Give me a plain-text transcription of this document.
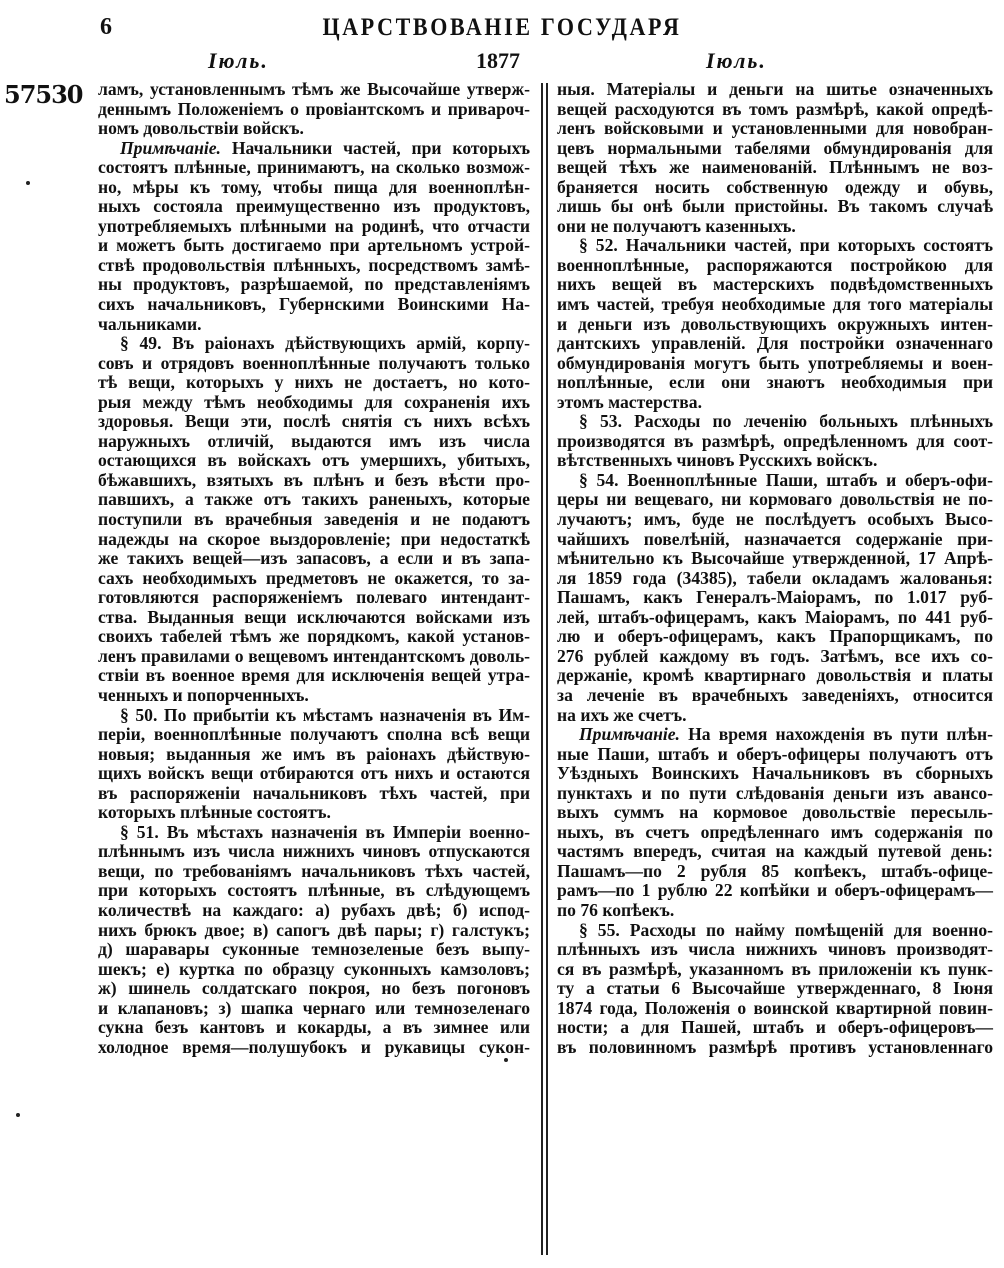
6	ЦАРСТВОВАНІЕ ГОСУДАРЯ
Іюль.	1877	Іюль.
57530 ламъ, установленнымъ тѣмъ же Высочайше утверж-
деннымъ Положеніемъ о провіантскомъ и привароч-
номъ довольствіи войскъ.
Примѣчаніе. Начальники частей, при которыхъ
состоятъ плѣнные, принимаютъ, на сколько возмож-
но, мѣры къ тому, чтобы пища для военноплѣн-
ныхъ состояла преимущественно изъ продуктовъ,
употребляемыхъ плѣнными на родинѣ, что отчасти
и можетъ быть достигаемо при артельномъ устрой-
ствѣ продовольствія плѣнныхъ, посредствомъ замѣ-
ны продуктовъ, разрѣшаемой, по представленіямъ
сихъ начальниковъ, Губернскими Воинскими На-
чальниками.
§ 49. Въ раіонахъ дѣйствующихъ армій, корпу-
совъ и отрядовъ военноплѣнные получаютъ только
тѣ вещи, которыхъ у нихъ не достаетъ, но кото-
рыя между тѣмъ необходимы для сохраненія ихъ
здоровья. Вещи эти, послѣ снятія съ нихъ всѣхъ
наружныхъ отличій, выдаются имъ изъ числа
остающихся въ войскахъ отъ умершихъ, убитыхъ,
бѣжавшихъ, взятыхъ въ плѣнъ и безъ вѣсти про-
павшихъ, а также отъ такихъ раненыхъ, которые
поступили въ врачебныя заведенія и не подаютъ
надежды на скорое выздоровленіе; при недостаткѣ
же такихъ вещей—изъ запасовъ, а если и въ запа-
сахъ необходимыхъ предметовъ не окажется, то за-
готовляются распоряженіемъ полеваго интендант-
ства. Выданныя вещи исключаются войсками изъ
своихъ табелей тѣмъ же порядкомъ, какой установ-
ленъ правилами о вещевомъ интендантскомъ доволь-
ствіи въ военное время для исключенія вещей утра-
ченныхъ и попорченныхъ.
§ 50. По прибытіи къ мѣстамъ назначенія въ Им-
періи, военноплѣнные получаютъ сполна всѣ вещи
новыя; выданныя же имъ въ раіонахъ дѣйствую-
щихъ войскъ вещи отбираются отъ нихъ и остаются
въ распоряженіи начальниковъ тѣхъ частей, при
которыхъ плѣнные состоятъ.
§ 51. Въ мѣстахъ назначенія въ Имперіи военно-
плѣннымъ изъ числа нижнихъ чиновъ отпускаются
вещи, по требованіямъ начальниковъ тѣхъ частей,
при которыхъ состоятъ плѣнные, въ слѣдующемъ
количествѣ на каждаго: а) рубахъ двѣ; б) испод-
нихъ брюкъ двое; в) сапогъ двѣ пары; г) галстукъ;
д) шаравары суконные темнозеленые безъ выпу-
шекъ; е) куртка по образцу суконныхъ камзоловъ;
ж) шинель солдатскаго покроя, но безъ погоновъ
и клапановъ; з) шапка чернаго или темнозеленаго
сукна безъ кантовъ и кокарды, а въ зимнее или
холодное время—полушубокъ и рукавицы сукон-
ныя. Матеріалы и деньги на шитье означенныхъ
вещей расходуются въ томъ размѣрѣ, какой опредѣ-
ленъ войсковыми и установленными для новобран-
цевъ нормальными табелями обмундированія для
вещей тѣхъ же наименованій. Плѣннымъ не воз-
браняется носить собственную одежду и обувь,
лишь бы онѣ были пристойны. Въ такомъ случаѣ
они не получаютъ казенныхъ.
§ 52. Начальники частей, при которыхъ состоятъ
военноплѣнные, распоряжаются постройкою для
нихъ вещей въ мастерскихъ подвѣдомственныхъ
имъ частей, требуя необходимые для того матеріалы
и деньги изъ довольствующихъ окружныхъ интен-
дантскихъ управленій. Для постройки означеннаго
обмундированія могутъ быть употребляемы и воен-
ноплѣнные, если они знаютъ необходимыя при
этомъ мастерства.
§ 53. Расходы по леченію больныхъ плѣнныхъ
производятся въ размѣрѣ, опредѣленномъ для соот-
вѣтственныхъ чиновъ Русскихъ войскъ.
§ 54. Военноплѣнные Паши, штабъ и оберъ-офи-
церы ни вещеваго, ни кормоваго довольствія не по-
лучаютъ; имъ, буде не послѣдуетъ особыхъ Высо-
чайшихъ повелѣній, назначается содержаніе при-
мѣнительно къ Высочайше утвержденной, 17 Апрѣ-
ля 1859 года (34385), табели окладамъ жалованья:
Пашамъ, какъ Генералъ-Маіорамъ, по 1.017 руб-
лей, штабъ-офицерамъ, какъ Маіорамъ, по 441 руб-
лю и оберъ-офицерамъ, какъ Прапорщикамъ, по
276 рублей каждому въ годъ. Затѣмъ, все ихъ со-
держаніе, кромѣ квартирнаго довольствія и платы
за леченіе въ врачебныхъ заведеніяхъ, относится
на ихъ же счетъ.
Примѣчаніе. На время нахожденія въ пути плѣн-
ные Паши, штабъ и оберъ-офицеры получаютъ отъ
Уѣздныхъ Воинскихъ Начальниковъ въ сборныхъ
пунктахъ и по пути слѣдованія деньги изъ авансо-
выхъ суммъ на кормовое довольствіе пересыль-
ныхъ, въ счетъ опредѣленнаго имъ содержанія по
частямъ впередъ, считая на каждый путевой день:
Пашамъ—по 2 рубля 85 копѣекъ, штабъ-офице-
рамъ—по 1 рублю 22 копѣйки и оберъ-офицерамъ—
по 76 копѣекъ.
§ 55. Расходы по найму помѣщеній для военно-
плѣнныхъ изъ числа нижнихъ чиновъ производят-
ся въ размѣрѣ, указанномъ въ приложеніи къ пунк-
ту а статьи 6 Высочайше утвержденнаго, 8 Іюня
1874 года, Положенія о воинской квартирной повин-
ности; а для Пашей, штабъ и оберъ-офицеровъ—
въ половинномъ размѣрѣ противъ установленнаго
